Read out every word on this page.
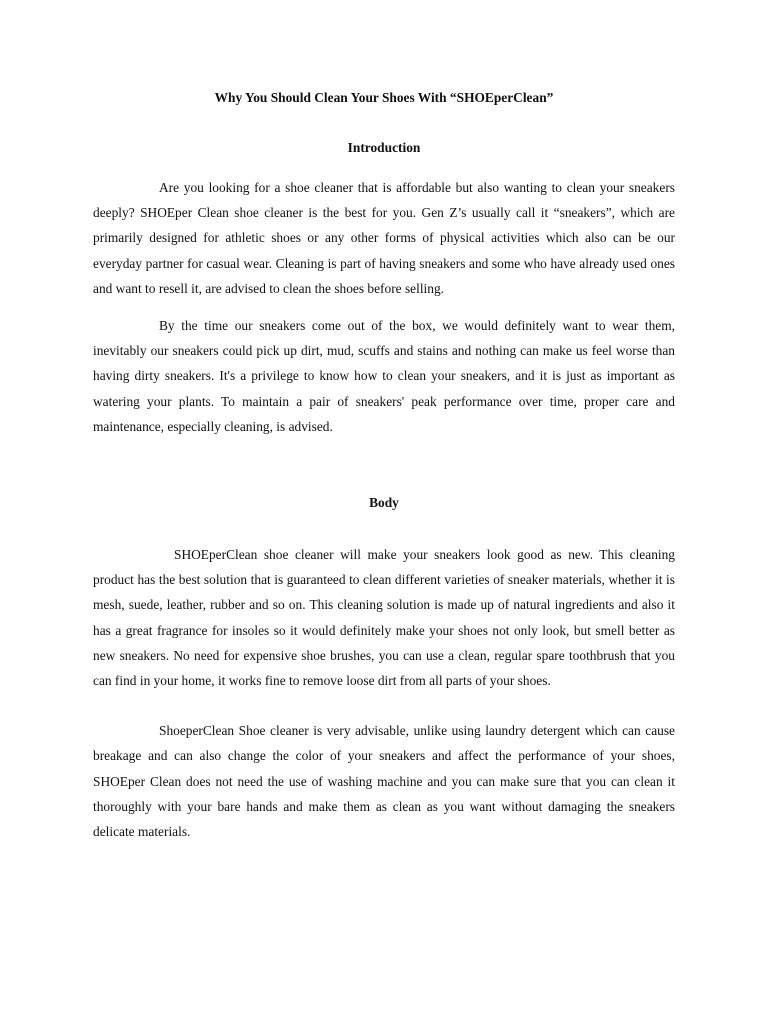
Why You Should Clean Your Shoes With “SHOEperClean”
Introduction

Are you looking for a shoe cleaner that is affordable but also wanting to clean your sneakers deeply? SHOEper Clean shoe cleaner is the best for you. Gen Z’s usually call it “sneakers”, which are primarily designed for athletic shoes or any other forms of physical activities which also can be our everyday partner for casual wear. Cleaning is part of having sneakers and some who have already used ones and want to resell it, are advised to clean the shoes before selling.

By the time our sneakers come out of the box, we would definitely want to wear them, inevitably our sneakers could pick up dirt, mud, scuffs and stains and nothing can make us feel worse than having dirty sneakers. It's a privilege to know how to clean your sneakers, and it is just as important as watering your plants. To maintain a pair of sneakers' peak performance over time, proper care and maintenance, especially cleaning, is advised.

Body

SHOEperClean shoe cleaner will make your sneakers look good as new. This cleaning product has the best solution that is guaranteed to clean different varieties of sneaker materials, whether it is mesh, suede, leather, rubber and so on. This cleaning solution is made up of natural ingredients and also it has a great fragrance for insoles so it would definitely make your shoes not only look, but smell better as new sneakers. No need for expensive shoe brushes, you can use a clean, regular spare toothbrush that you can find in your home, it works fine to remove loose dirt from all parts of your shoes.

ShoeperClean Shoe cleaner is very advisable, unlike using laundry detergent which can cause breakage and can also change the color of your sneakers and affect the performance of your shoes, SHOEper Clean does not need the use of washing machine and you can make sure that you can clean it thoroughly with your bare hands and make them as clean as you want without damaging the sneakers delicate materials.
